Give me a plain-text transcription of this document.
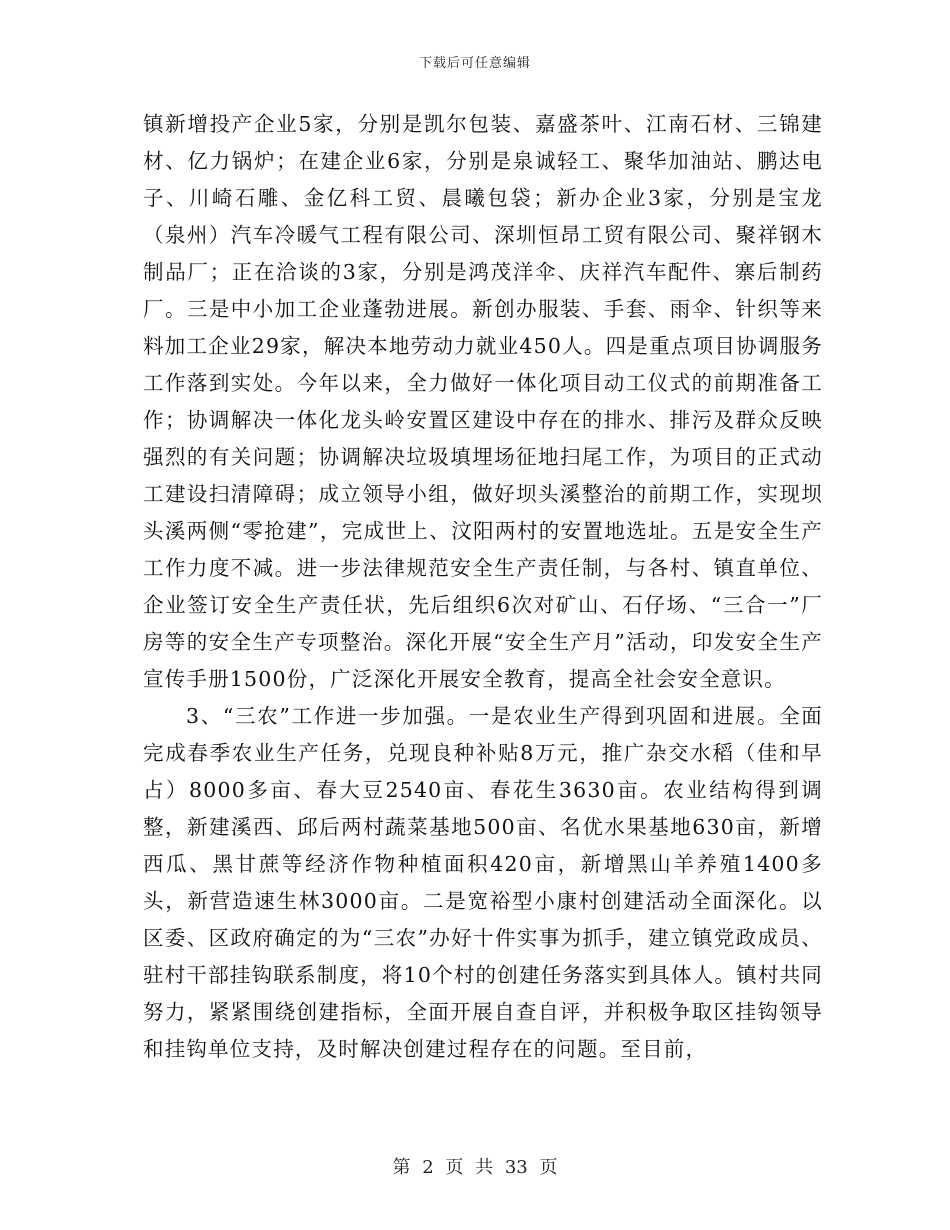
下载后可任意编辑

镇新增投产企业5家，分别是凯尔包装、嘉盛茶叶、江南石材、三锦建材、亿力锅炉；在建企业6家，分别是泉诚轻工、聚华加油站、鹏达电子、川崎石雕、金亿科工贸、晨曦包袋；新办企业3家，分别是宝龙（泉州）汽车冷暖气工程有限公司、深圳恒昂工贸有限公司、聚祥钢木制品厂；正在洽谈的3家，分别是鸿茂洋伞、庆祥汽车配件、寨后制药厂。三是中小加工企业蓬勃进展。新创办服装、手套、雨伞、针织等来料加工企业29家，解决本地劳动力就业450人。四是重点项目协调服务工作落到实处。今年以来，全力做好一体化项目动工仪式的前期准备工作；协调解决一体化龙头岭安置区建设中存在的排水、排污及群众反映强烈的有关问题；协调解决垃圾填埋场征地扫尾工作，为项目的正式动工建设扫清障碍；成立领导小组，做好坝头溪整治的前期工作，实现坝头溪两侧“零抢建”，完成世上、汶阳两村的安置地选址。五是安全生产工作力度不减。进一步法律规范安全生产责任制，与各村、镇直单位、企业签订安全生产责任状，先后组织6次对矿山、石仔场、“三合一”厂房等的安全生产专项整治。深化开展“安全生产月”活动，印发安全生产宣传手册1500份，广泛深化开展安全教育，提高全社会安全意识。

3、“三农”工作进一步加强。一是农业生产得到巩固和进展。全面完成春季农业生产任务，兑现良种补贴8万元，推广杂交水稻（佳和早占）8000多亩、春大豆2540亩、春花生3630亩。农业结构得到调整，新建溪西、邱后两村蔬菜基地500亩、名优水果基地630亩，新增西瓜、黑甘蔗等经济作物种植面积420亩，新增黑山羊养殖1400多头，新营造速生林3000亩。二是宽裕型小康村创建活动全面深化。以区委、区政府确定的为“三农”办好十件实事为抓手，建立镇党政成员、驻村干部挂钩联系制度，将10个村的创建任务落实到具体人。镇村共同努力，紧紧围绕创建指标，全面开展自查自评，并积极争取区挂钩领导和挂钩单位支持，及时解决创建过程存在的问题。至目前，

第 2 页 共 33 页
